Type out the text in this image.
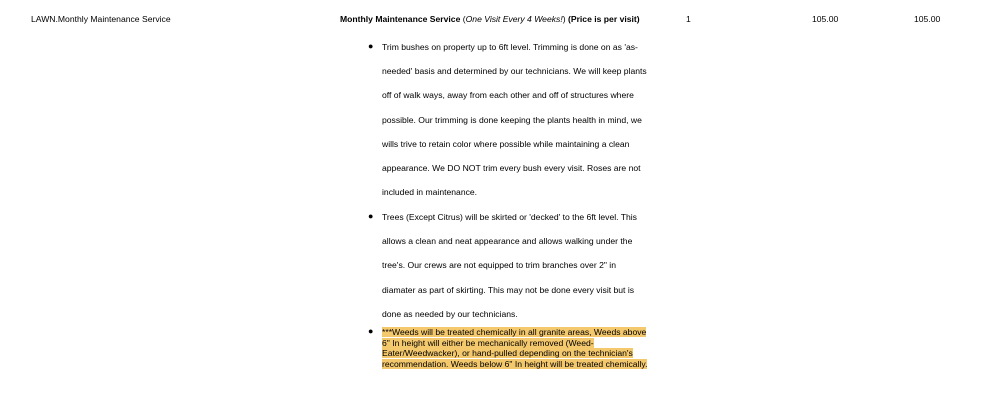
LAWN.Monthly Maintenance Service	Monthly Maintenance Service (One Visit Every 4 Weeks!) (Price is per visit)	1	105.00	105.00
● Trim bushes on property up to 6ft level. Trimming is done on as 'as-
needed' basis and determined by our technicians. We will keep plants
off of walk ways, away from each other and off of structures where
possible. Our trimming is done keeping the plants health in mind, we
wills trive to retain color where possible while maintaining a clean
appearance. We DO NOT trim every bush every visit. Roses are not
included in maintenance.
● Trees (Except Citrus) will be skirted or 'decked' to the 6ft level. This
allows a clean and neat appearance and allows walking under the
tree's. Our crews are not equipped to trim branches over 2" in
diamater as part of skirting. This may not be done every visit but is
done as needed by our technicians.
● ***Weeds will be treated chemically in all granite areas, Weeds above
6" In height will either be mechanically removed (Weed-
Eater/Weedwacker), or hand-pulled depending on the technician's
recommendation. Weeds below 6" In height will be treated chemically.
